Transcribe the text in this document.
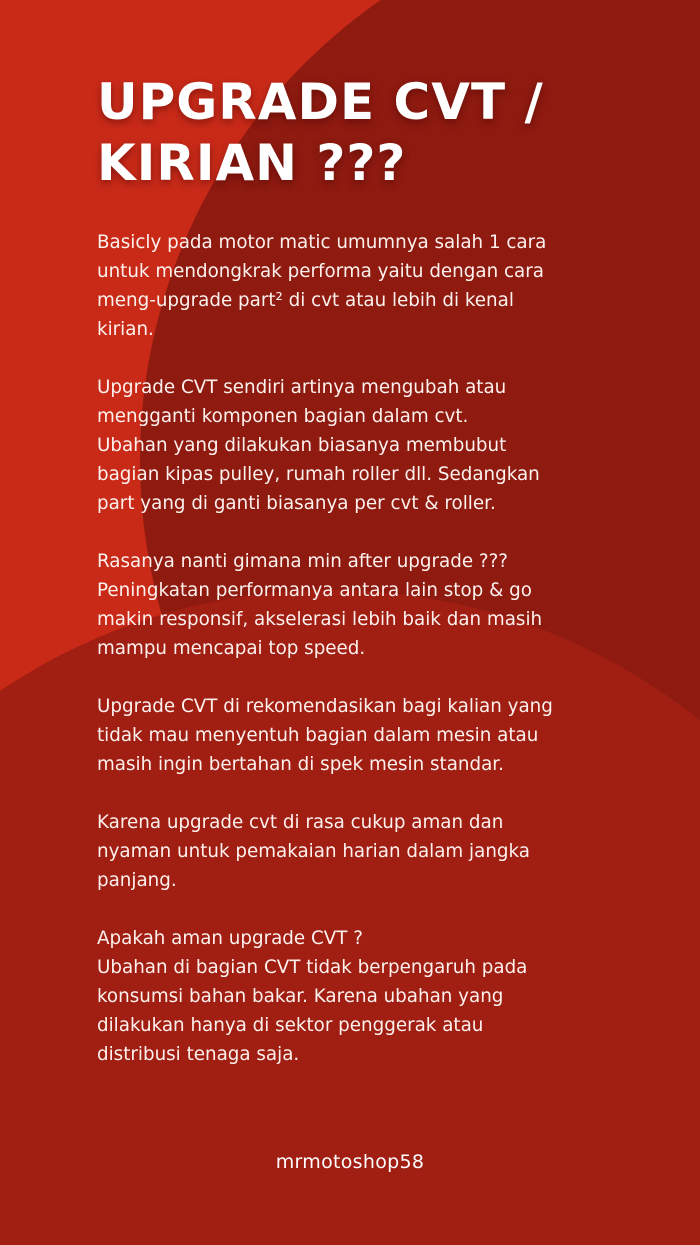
UPGRADE CVT /
KIRIAN ???

Basicly pada motor matic umumnya salah 1 cara
untuk mendongkrak performa yaitu dengan cara
meng-upgrade part² di cvt atau lebih di kenal
kirian.

Upgrade CVT sendiri artinya mengubah atau
mengganti komponen bagian dalam cvt.
Ubahan yang dilakukan biasanya membubut
bagian kipas pulley, rumah roller dll. Sedangkan
part yang di ganti biasanya per cvt & roller.

Rasanya nanti gimana min after upgrade ???
Peningkatan performanya antara lain stop & go
makin responsif, akselerasi lebih baik dan masih
mampu mencapai top speed.

Upgrade CVT di rekomendasikan bagi kalian yang
tidak mau menyentuh bagian dalam mesin atau
masih ingin bertahan di spek mesin standar.

Karena upgrade cvt di rasa cukup aman dan
nyaman untuk pemakaian harian dalam jangka
panjang.

Apakah aman upgrade CVT ?
Ubahan di bagian CVT tidak berpengaruh pada
konsumsi bahan bakar. Karena ubahan yang
dilakukan hanya di sektor penggerak atau
distribusi tenaga saja.

mrmotoshop58
